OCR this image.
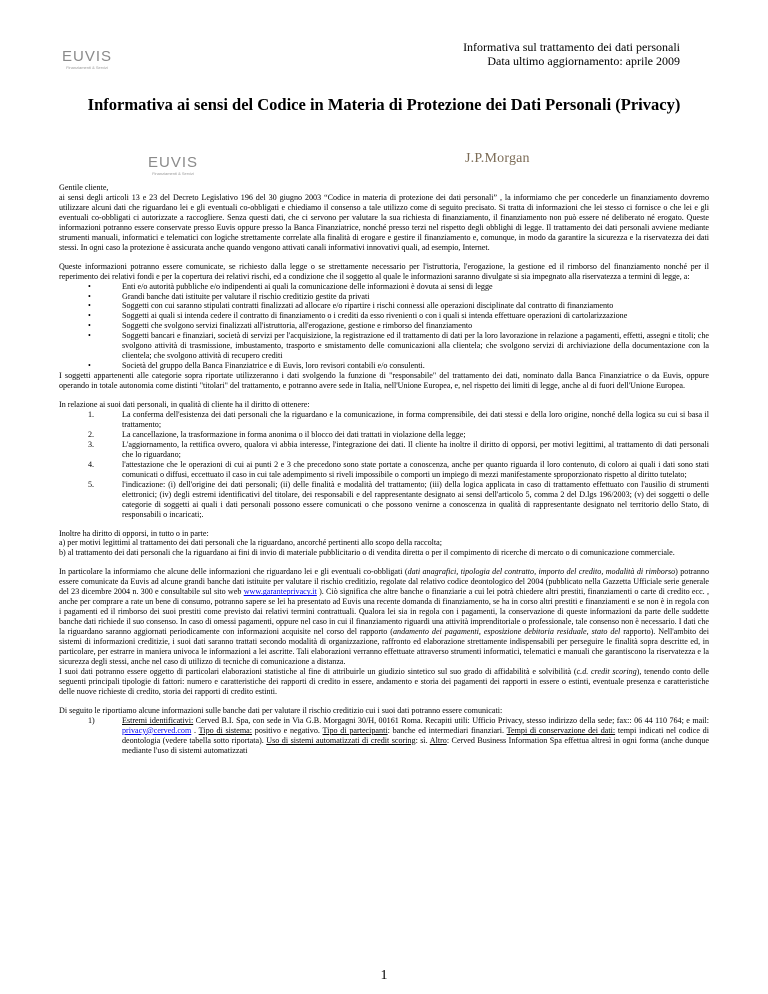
EUVIS
Finanziamenti & Servizi
Informativa sul trattamento dei dati personali
Data ultimo aggiornamento: aprile 2009
Informativa ai sensi del Codice in Materia di Protezione dei Dati Personali (Privacy)
EUVIS
Finanziamenti & Servizi
J.P.Morgan

Gentile cliente,

ai sensi degli articoli 13 e 23 del Decreto Legislativo 196 del 30 giugno 2003 “Codice in materia di protezione dei dati personali” , la informiamo che per concederle un finanziamento dovremo utilizzare alcuni dati che riguardano lei e gli eventuali co-obbligati e chiediamo il consenso a tale utilizzo come di seguito precisato. Si tratta di informazioni che lei stesso ci fornisce o che lei e gli eventuali co-obbligati ci autorizzate a raccogliere. Senza questi dati, che ci servono per valutare la sua richiesta di finanziamento, il finanziamento non può essere né deliberato né erogato. Queste informazioni potranno essere conservate presso Euvis oppure presso la Banca Finanziatrice, nonché presso terzi nel rispetto degli obblighi di legge. Il trattamento dei dati personali avviene mediante strumenti manuali, informatici e telematici con logiche strettamente correlate alla finalità di erogare e gestire il finanziamento e, comunque, in modo da garantire la sicurezza e la riservatezza dei dati stessi. In ogni caso la protezione è assicurata anche quando vengono attivati canali informativi innovativi quali, ad esempio, Internet.

Queste informazioni potranno essere comunicate, se richiesto dalla legge o se strettamente necessario per l'istruttoria, l'erogazione, la gestione ed il rimborso del finanziamento nonché per il reperimento dei relativi fondi e per la copertura dei relativi rischi, ed a condizione che il soggetto al quale le informazioni saranno divulgate si sia impegnato alla riservatezza a termini di legge, a:

• Enti e/o autorità pubbliche e/o indipendenti ai quali la comunicazione delle informazioni è dovuta ai sensi di legge
• Grandi banche dati istituite per valutare il rischio creditizio gestite da privati
• Soggetti con cui saranno stipulati contratti finalizzati ad allocare e/o ripartire i rischi connessi alle operazioni disciplinate dal contratto di finanziamento
• Soggetti ai quali si intenda cedere il contratto di finanziamento o i crediti da esso rivenienti o con i quali si intenda effettuare operazioni di cartolarizzazione
• Soggetti che svolgono servizi finalizzati all'istruttoria, all'erogazione, gestione e rimborso del finanziamento
• Soggetti bancari e finanziari, società di servizi per l'acquisizione, la registrazione ed il trattamento di dati per la loro lavorazione in relazione a pagamenti, effetti, assegni e titoli; che svolgono attività di trasmissione, imbustamento, trasporto e smistamento delle comunicazioni alla clientela; che svolgono servizi di archiviazione della documentazione con la clientela; che svolgono attività di recupero crediti
• Società del gruppo della Banca Finanziatrice e di Euvis, loro revisori contabili e/o consulenti.

I soggetti appartenenti alle categorie sopra riportate utilizzeranno i dati svolgendo la funzione di "responsabile" del trattamento dei dati, nominato dalla Banca Finanziatrice o da Euvis, oppure operando in totale autonomia come distinti "titolari" del trattamento, e potranno avere sede in Italia, nell'Unione Europea, e, nel rispetto dei limiti di legge, anche al di fuori dell'Unione Europea.

In relazione ai suoi dati personali, in qualità di cliente ha il diritto di ottenere:

1.	La conferma dell'esistenza dei dati personali che la riguardano e la comunicazione, in forma comprensibile, dei dati stessi e della loro origine, nonché della logica su cui si basa il trattamento;
2.	La cancellazione, la trasformazione in forma anonima o il blocco dei dati trattati in violazione della legge;
3.	L'aggiornamento, la rettifica ovvero, qualora vi abbia interesse, l'integrazione dei dati. Il cliente ha inoltre il diritto di opporsi, per motivi legittimi, al trattamento di dati personali che lo riguardano;
4.	l'attestazione che le operazioni di cui ai punti 2 e 3 che precedono sono state portate a conoscenza, anche per quanto riguarda il loro contenuto, di coloro ai quali i dati sono stati comunicati o diffusi, eccettuato il caso in cui tale adempimento si riveli impossibile o comporti un impiego di mezzi manifestamente sproporzionato rispetto al diritto tutelato;
5.	l'indicazione: (i) dell'origine dei dati personali; (ii) delle finalità e modalità del trattamento; (iii) della logica applicata in caso di trattamento effettuato con l'ausilio di strumenti elettronici; (iv) degli estremi identificativi del titolare, dei responsabili e del rappresentante designato ai sensi dell'articolo 5, comma 2 del D.lgs 196/2003; (v) dei soggetti o delle categorie di soggetti ai quali i dati personali possono essere comunicati o che possono venirne a conoscenza in qualità di rappresentante designato nel territorio dello Stato, di responsabili o incaricati;.

Inoltre ha diritto di opporsi, in tutto o in parte:

a) per motivi legittimi al trattamento dei dati personali che la riguardano, ancorché pertinenti allo scopo della raccolta;

b) al trattamento dei dati personali che la riguardano ai fini di invio di materiale pubblicitario o di vendita diretta o per il compimento di ricerche di mercato o di comunicazione commerciale.

In particolare la informiamo che alcune delle informazioni che riguardano lei e gli eventuali co-obbligati (dati anagrafici, tipologia del contratto, importo del credito, modalità di rimborso) potranno essere comunicate da Euvis ad alcune grandi banche dati istituite per valutare il rischio creditizio, regolate dal relativo codice deontologico del 2004 (pubblicato nella Gazzetta Ufficiale serie generale del 23 dicembre 2004 n. 300 e consultabile sul sito web www.garanteprivacy.it ). Ciò significa che altre banche o finanziarie a cui lei potrà chiedere altri prestiti, finanziamenti o carte di credito ecc. , anche per comprare a rate un bene di consumo, potranno sapere se lei ha presentato ad Euvis una recente domanda di finanziamento, se ha in corso altri prestiti e finanziamenti e se non è in regola con i pagamenti ed il rimborso dei suoi prestiti come previsto dai relativi termini contrattuali. Qualora lei sia in regola con i pagamenti, la conservazione di queste informazioni da parte delle suddette banche dati richiede il suo consenso. In caso di omessi pagamenti, oppure nel caso in cui il finanziamento riguardi una attività imprenditoriale o professionale, tale consenso non è necessario. I dati che la riguardano saranno aggiornati periodicamente con informazioni acquisite nel corso del rapporto (andamento dei pagamenti, esposizione debitoria residuale, stato del rapporto). Nell'ambito dei sistemi di informazioni creditizie, i suoi dati saranno trattati secondo modalità di organizzazione, raffronto ed elaborazione strettamente indispensabili per perseguire le finalità sopra descritte ed, in particolare, per estrarre in maniera univoca le informazioni a lei ascritte. Tali elaborazioni verranno effettuate attraverso strumenti informatici, telematici e manuali che garantiscono la riservatezza e la sicurezza degli stessi, anche nel caso di utilizzo di tecniche di comunicazione a distanza.

I suoi dati potranno essere oggetto di particolari elaborazioni statistiche al fine di attribuirle un giudizio sintetico sul suo grado di affidabilità e solvibilità (c.d. credit scoring), tenendo conto delle seguenti principali tipologie di fattori: numero e caratteristiche dei rapporti di credito in essere, andamento e storia dei pagamenti dei rapporti in essere o estinti, eventuale presenza e caratteristiche delle nuove richieste di credito, storia dei rapporti di credito estinti.

Di seguito le riportiamo alcune informazioni sulle banche dati per valutare il rischio creditizio cui i suoi dati potranno essere comunicati:

1)	Estremi identificativi: Cerved B.I. Spa, con sede in Via G.B. Morgagni 30/H, 00161 Roma. Recapiti utili: Ufficio Privacy, stesso indirizzo della sede; fax:: 06 44 110 764; e mail: privacy@cerved.com . Tipo di sistema: positivo e negativo. Tipo di partecipanti: banche ed intermediari finanziari. Tempi di conservazione dei dati: tempi indicati nel codice di deontologia (vedere tabella sotto riportata). Uso di sistemi automatizzati di credit scoring: sì. Altro: Cerved Business Information Spa effettua altresì in ogni forma (anche dunque mediante l'uso di sistemi automatizzati
1
